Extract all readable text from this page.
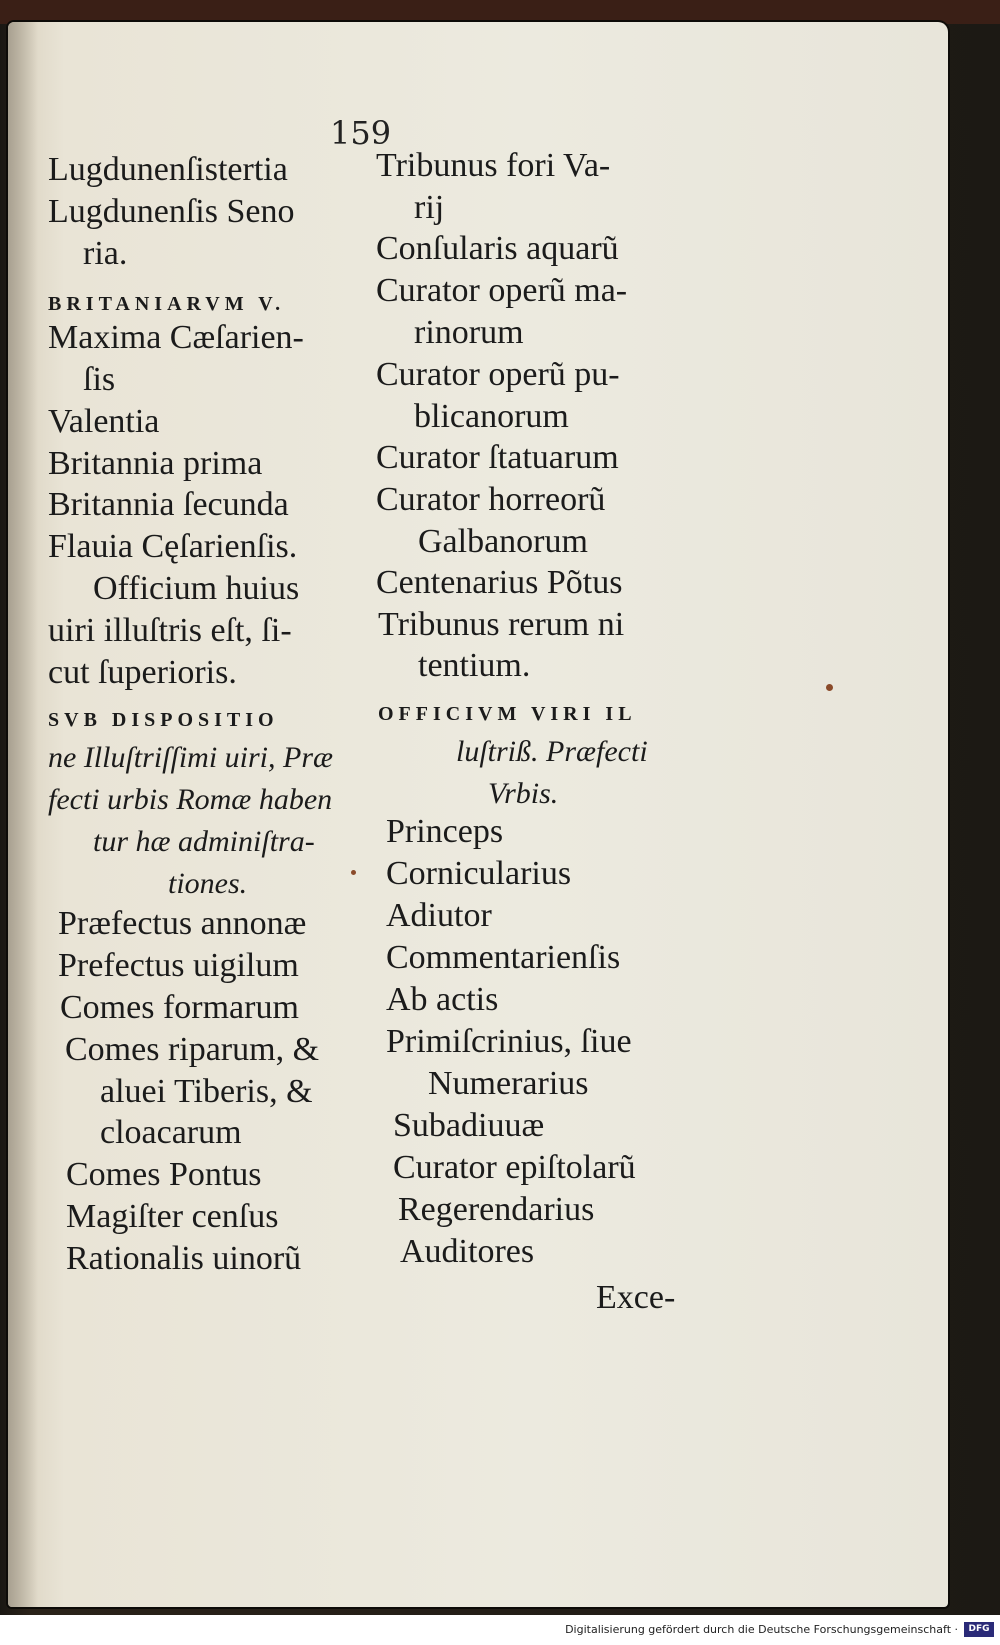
159
Lugdunenſistertia
Lugdunenſis Seno
ria.
BRITANIARVM V.
Maxima Cæſarien-
ſis
Valentia
Britannia prima
Britannia ſecunda
Flauia Cęſarienſis.
Officium huius
uiri illuſtris eſt, ſi-
cut ſuperioris.
SVB DISPOSITIO
ne Illuſtriſſimi uiri, Præ
fecti urbis Romæ haben
tur hæ adminiſtra-
tiones.
Præfectus annonæ
Prefectus uigilum
Comes formarum
Comes riparum, &
aluei Tiberis, &
cloacarum
Comes Pontus
Magiſter cenſus
Rationalis uinorũ
Tribunus fori Va-
rij
Conſularis aquarũ
Curator operũ ma-
rinorum
Curator operũ pu-
blicanorum
Curator ſtatuarum
Curator horreorũ
Galbanorum
Centenarius Põtus
Tribunus rerum ni
tentium.
OFFICIVM VIRI IL
luſtriß. Præfecti
Vrbis.
Princeps
Cornicularius
Adiutor
Commentarienſis
Ab actis
Primiſcrinius, ſiue
Numerarius
Subadiuuæ
Curator epiſtolarũ
Regerendarius
Auditores
Exce-
Digitalisierung gefördert durch die Deutsche Forschungsgemeinschaft ·	DFG
